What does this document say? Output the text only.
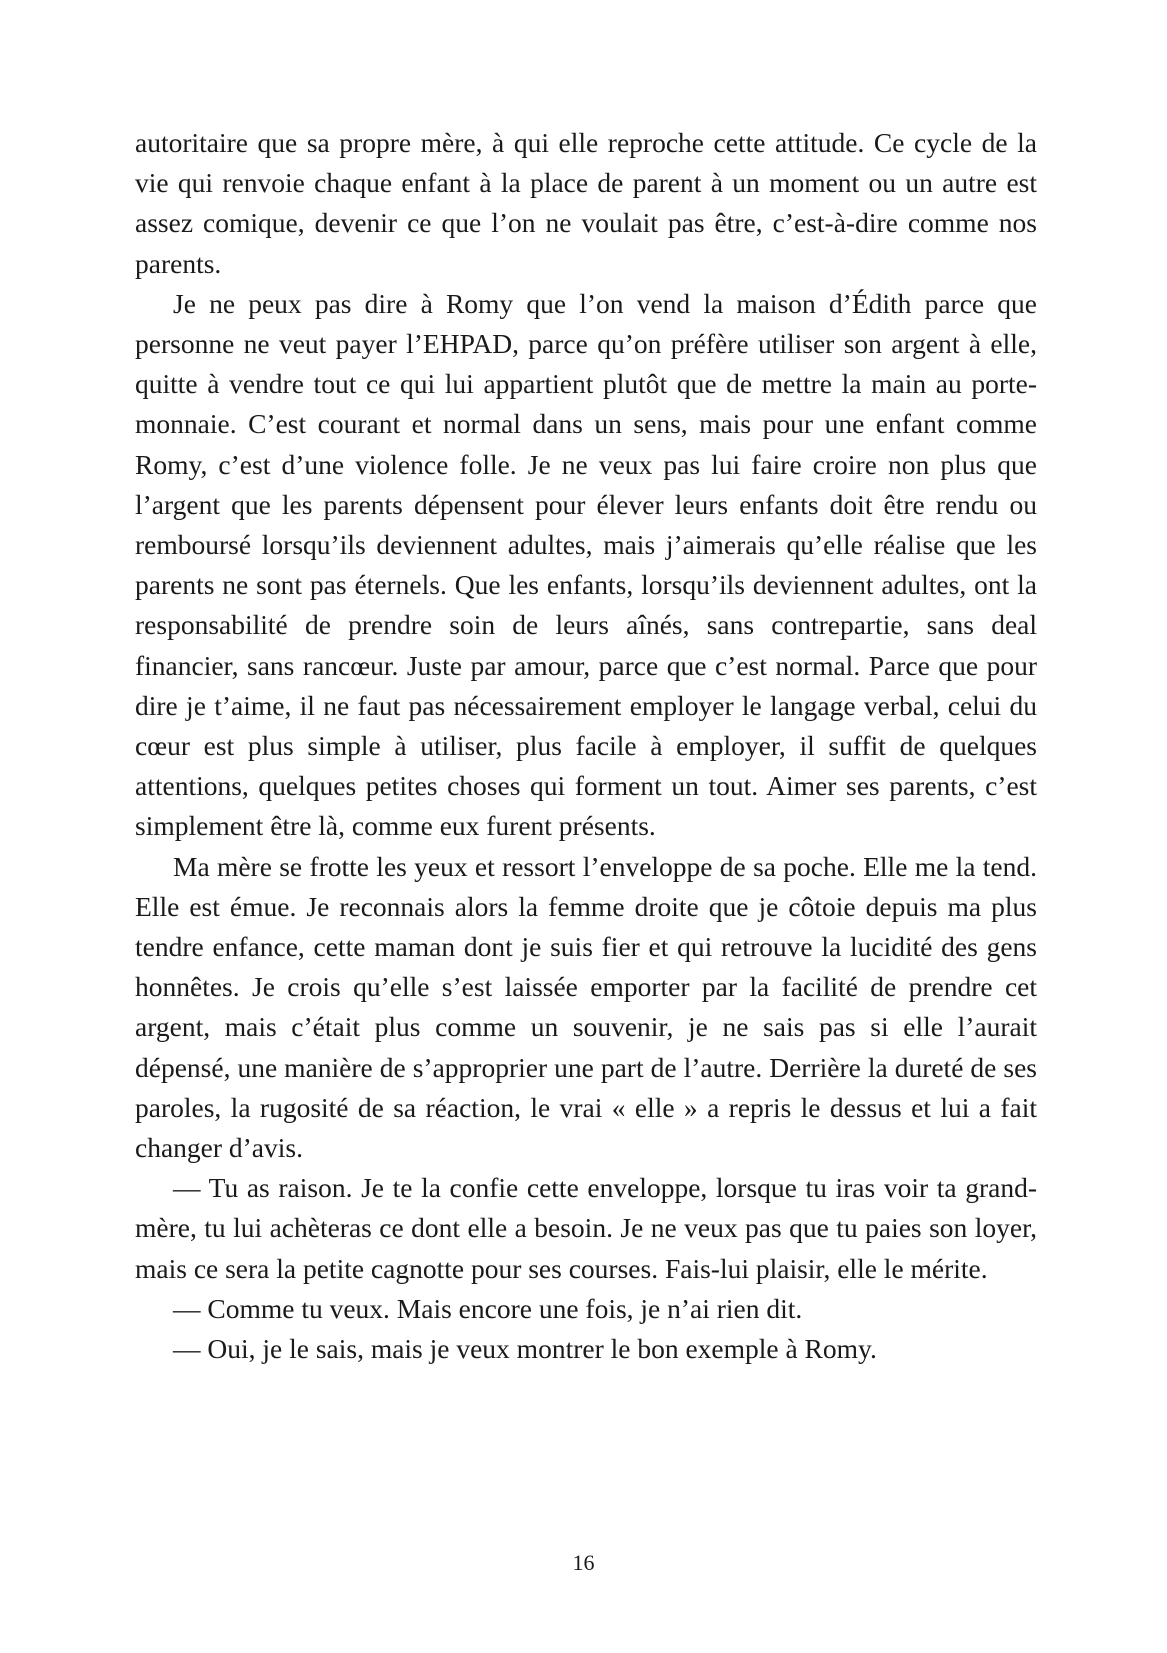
autoritaire que sa propre mère, à qui elle reproche cette attitude. Ce cycle de la vie qui renvoie chaque enfant à la place de parent à un moment ou un autre est assez comique, devenir ce que l’on ne voulait pas être, c’est-à-dire comme nos parents.

Je ne peux pas dire à Romy que l’on vend la maison d’Édith parce que personne ne veut payer l’EHPAD, parce qu’on préfère utiliser son argent à elle, quitte à vendre tout ce qui lui appartient plutôt que de mettre la main au porte-monnaie. C’est courant et normal dans un sens, mais pour une enfant comme Romy, c’est d’une violence folle. Je ne veux pas lui faire croire non plus que l’argent que les parents dépensent pour élever leurs enfants doit être rendu ou remboursé lorsqu’ils deviennent adultes, mais j’aimerais qu’elle réalise que les parents ne sont pas éternels. Que les enfants, lorsqu’ils deviennent adultes, ont la responsabilité de prendre soin de leurs aînés, sans contrepartie, sans deal financier, sans rancœur. Juste par amour, parce que c’est normal. Parce que pour dire je t’aime, il ne faut pas nécessairement employer le langage verbal, celui du cœur est plus simple à utiliser, plus facile à employer, il suffit de quelques attentions, quelques petites choses qui forment un tout. Aimer ses parents, c’est simplement être là, comme eux furent présents.

Ma mère se frotte les yeux et ressort l’enveloppe de sa poche. Elle me la tend. Elle est émue. Je reconnais alors la femme droite que je côtoie depuis ma plus tendre enfance, cette maman dont je suis fier et qui retrouve la lucidité des gens honnêtes. Je crois qu’elle s’est laissée emporter par la facilité de prendre cet argent, mais c’était plus comme un souvenir, je ne sais pas si elle l’aurait dépensé, une manière de s’approprier une part de l’autre. Derrière la dureté de ses paroles, la rugosité de sa réaction, le vrai « elle » a repris le dessus et lui a fait changer d’avis.

— Tu as raison. Je te la confie cette enveloppe, lorsque tu iras voir ta grand-mère, tu lui achèteras ce dont elle a besoin. Je ne veux pas que tu paies son loyer, mais ce sera la petite cagnotte pour ses courses. Fais-lui plaisir, elle le mérite.

— Comme tu veux. Mais encore une fois, je n’ai rien dit.

— Oui, je le sais, mais je veux montrer le bon exemple à Romy.

16
